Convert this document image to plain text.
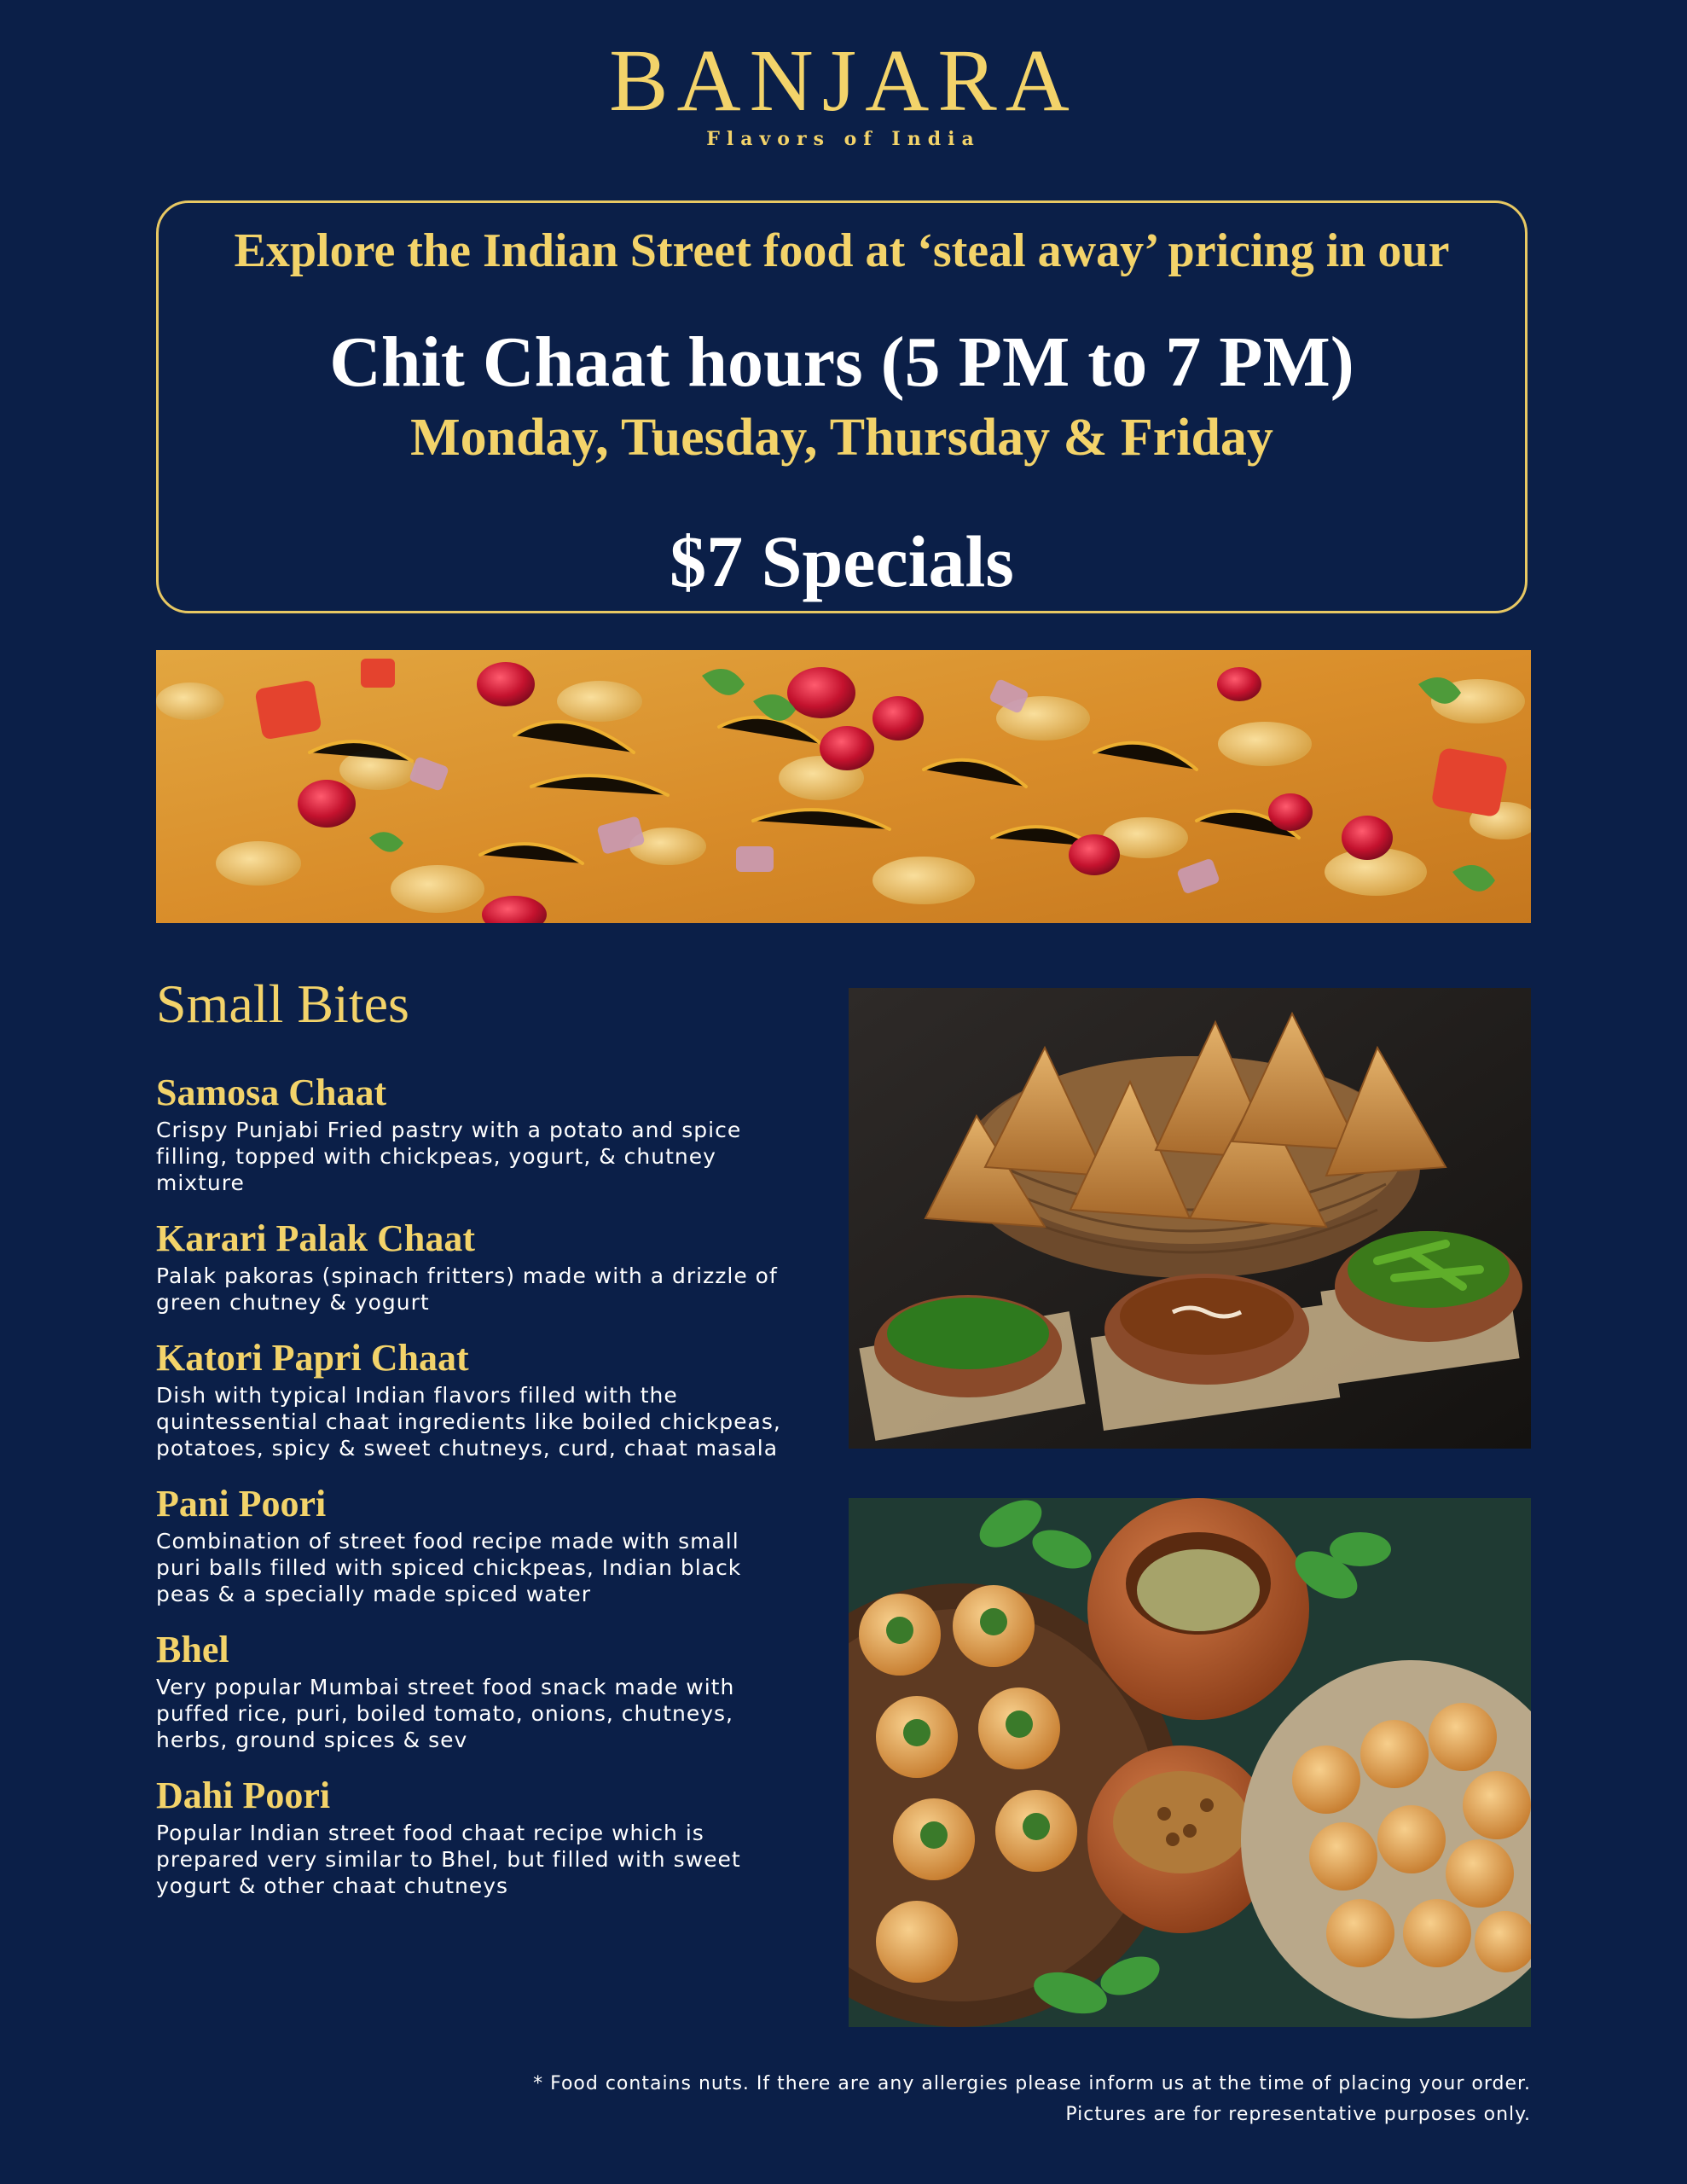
BANJARA
Flavors of India
Explore the Indian Street food at ‘steal away’ pricing in our
Chit Chaat hours (5 PM to 7 PM)
Monday, Tuesday, Thursday & Friday
$7 Specials
Small Bites
Samosa Chaat
Crispy Punjabi Fried pastry with a potato and spice filling, topped with chickpeas, yogurt, & chutney mixture
Karari Palak Chaat
Palak pakoras (spinach fritters) made with a drizzle of green chutney & yogurt
Katori Papri Chaat
Dish with typical Indian flavors filled with the quintessential chaat ingredients like boiled chickpeas, potatoes, spicy & sweet chutneys, curd, chaat masala
Pani Poori
Combination of street food recipe made with small puri balls filled with spiced chickpeas, Indian black peas & a specially made spiced water
Bhel
Very popular Mumbai street food snack made with puffed rice, puri, boiled tomato, onions, chutneys, herbs, ground spices & sev
Dahi Poori
Popular Indian street food chaat recipe which is prepared very similar to Bhel, but filled with sweet yogurt & other chaat chutneys
* Food contains nuts. If there are any allergies please inform us at the time of placing your order.
Pictures are for representative purposes only.
